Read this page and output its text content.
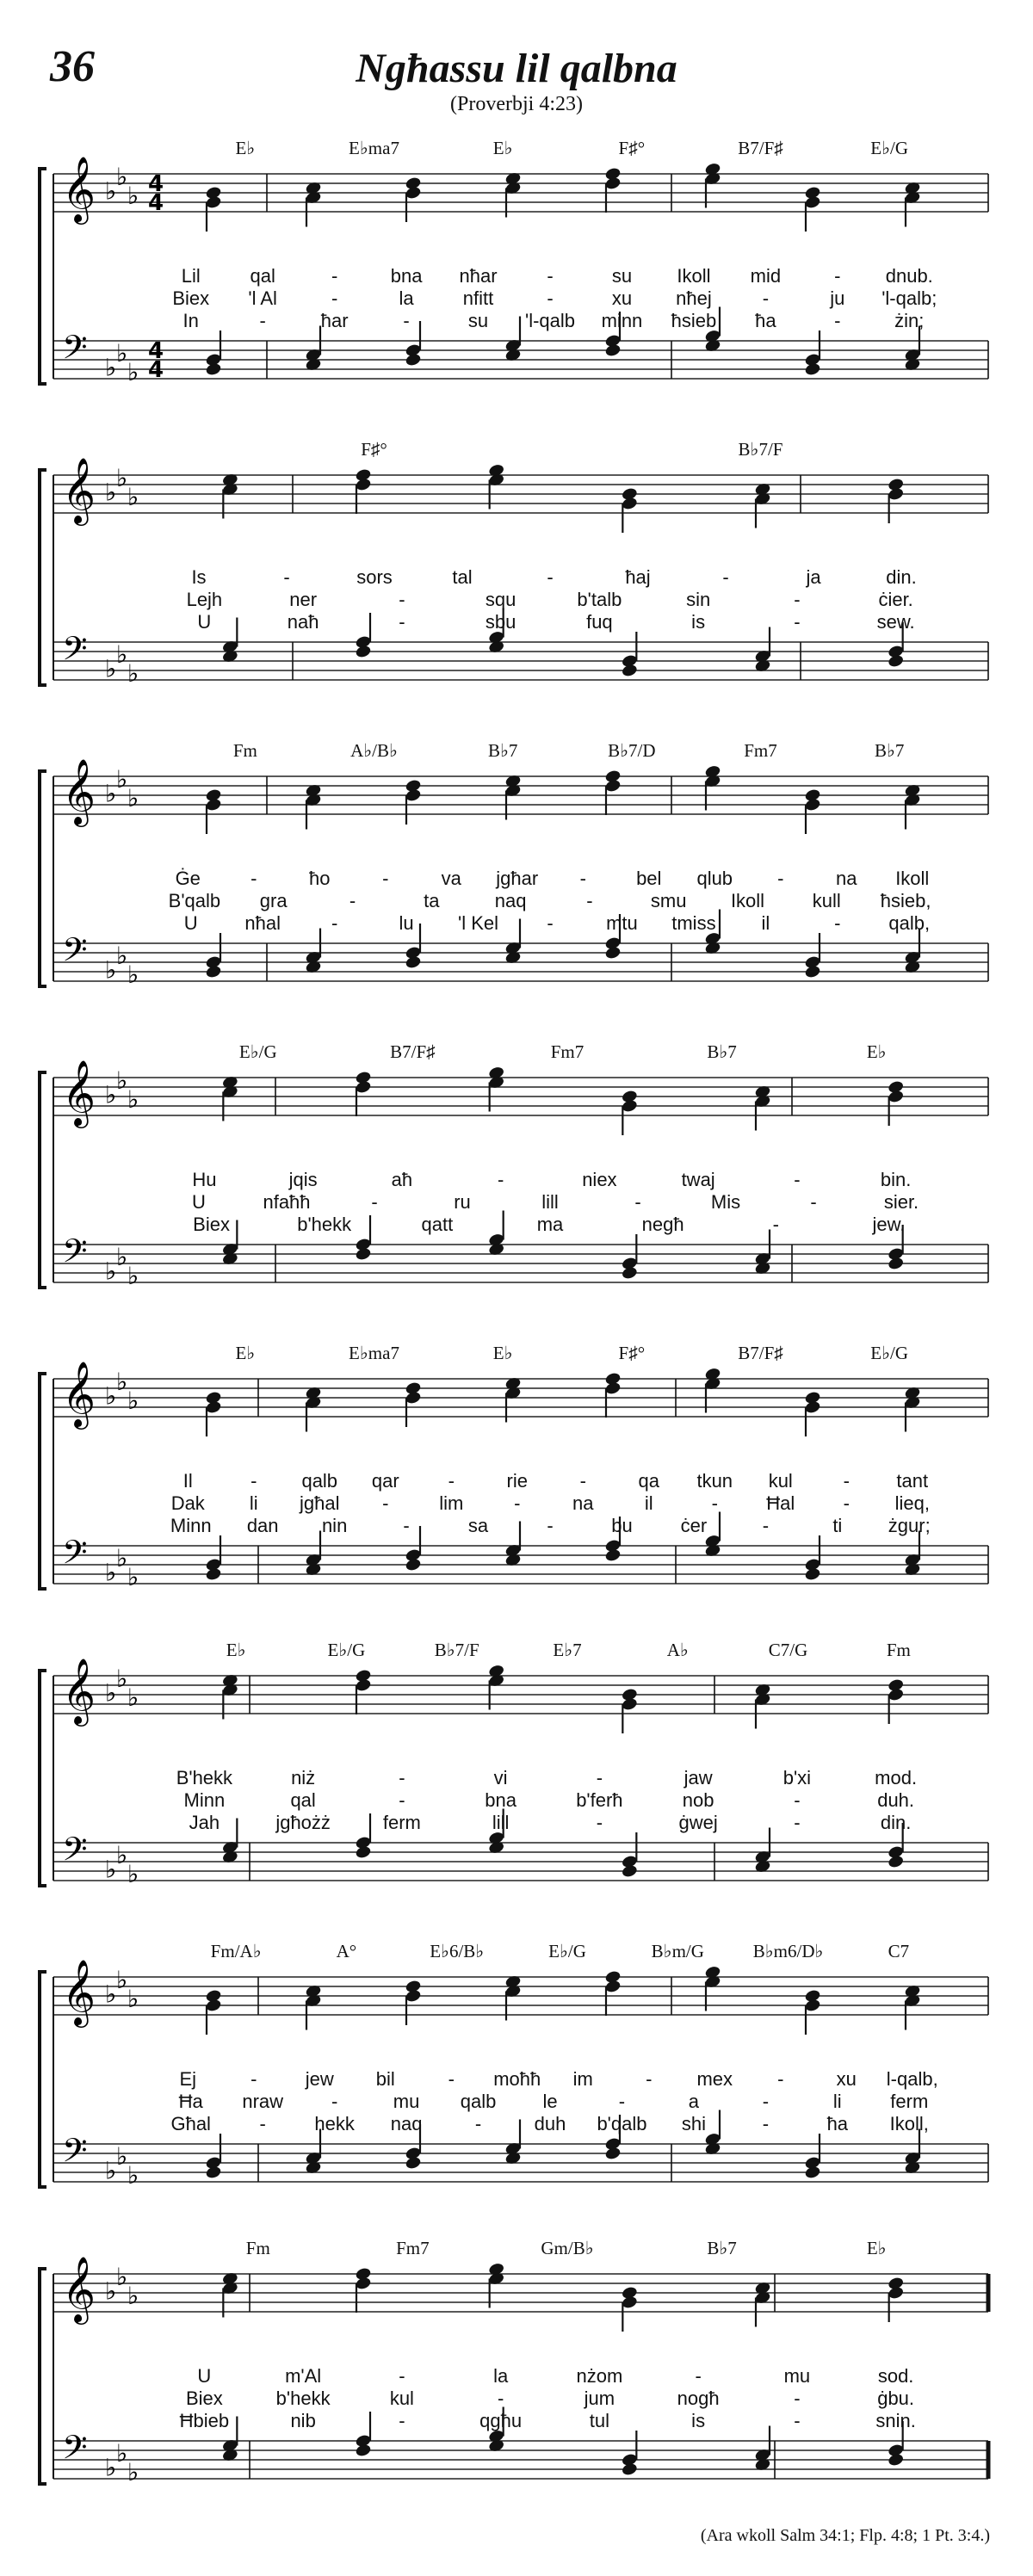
36	Ngħassu lil qalbna
(Proverbji 4:23)
𝄞 ♭ ♭
♭ 4
4
𝄢 ♭ ♭
♭
4
4
E♭	E♭ma7	E♭	F♯°	B7/F♯	E♭/G
Lil	qal	-	bna nħar	-	su Ikoll mid	- dnub.
Biex 'l Al	-	la	nfitt	-	xu nħej	-	ju 'l-qalb;
In	-	ħar	-	su 'l-qalb minn ħsieb ħa	-	żin;
𝄞 ♭ ♭
♭
𝄢 ♭ ♭
♭
F♯°	B♭7/F
Is	-	sors	tal	-	ħaj	-	ja	din.
Lejh	ner	-	squ	b'talb	sin	-	ċier.
U	naħ	-	sbu	fuq	is	-	sew.
𝄞 ♭ ♭
♭
𝄢 ♭ ♭
♭
Fm	A♭/B♭	B♭7	B♭7/D	Fm7	B♭7
Ġe	-	ħo	-	va jgħar -	bel qlub -	na Ikoll
B'qalb gra	-	ta	naq	-	smu Ikoll	kull ħsieb,
U nħal	-	lu 'l Kel	-	mtu tmiss il	-	qalb,
𝄞 ♭ ♭
♭
𝄢 ♭ ♭
♭
E♭/G	B7/F♯	Fm7	B♭7	E♭
Hu	jqis	aħ	-	niex	twaj	-	bin.
U	nfaħħ	-	ru	lill	-	Mis	-	sier.
Biex	b'hekk	qatt	ma	negħ	-	jew.
𝄞 ♭ ♭
♭
𝄢 ♭ ♭
♭
E♭	E♭ma7	E♭	F♯°	B7/F♯	E♭/G
Il	- qalb qar	-	rie	-	qa tkun kul	- tant
Dak li jgħal -	lim	-	na	il	-	Ħal	- lieq,
Minn dan nin	-	sa	-	bu	ċer	-	ti żgur;
𝄞 ♭ ♭
♭
𝄢 ♭ ♭
♭
E♭	E♭/G	B♭7/F	E♭7	A♭	C7/G	Fm
B'hekk	niż	-	vi	-	jaw	b'xi	mod.
Minn	qal	-	bna	b'ferħ	nob	-	duh.
Jah	jgħożż	ferm	lill	-	ġwej	-	din.
𝄞 ♭ ♭
♭
𝄢 ♭ ♭
♭
Fm/A♭	A°	E♭6/B♭	E♭/G	B♭m/G	B♭m6/D♭	C7
Ej	-	jew bil	- moħħ im	- mex -	xu l-qalb,
Ħa nraw	-	mu qalb le	-	a	-	li	ferm
Għal	-	hekk naq	-	duh b'qalb shi	-	ħa Ikoll,
𝄞 ♭ ♭
♭
𝄢 ♭ ♭
♭
Fm	Fm7	Gm/B♭	B♭7	E♭
U	m'Al	-	la	nżom	-	mu	sod.
Biex	b'hekk	kul	-	jum	nogħ	-	ġbu.
Ħbieb	nib	-	qgħu	tul	is	-	snin.
(Ara wkoll Salm 34:1; Flp. 4:8; 1 Pt. 3:4.)
